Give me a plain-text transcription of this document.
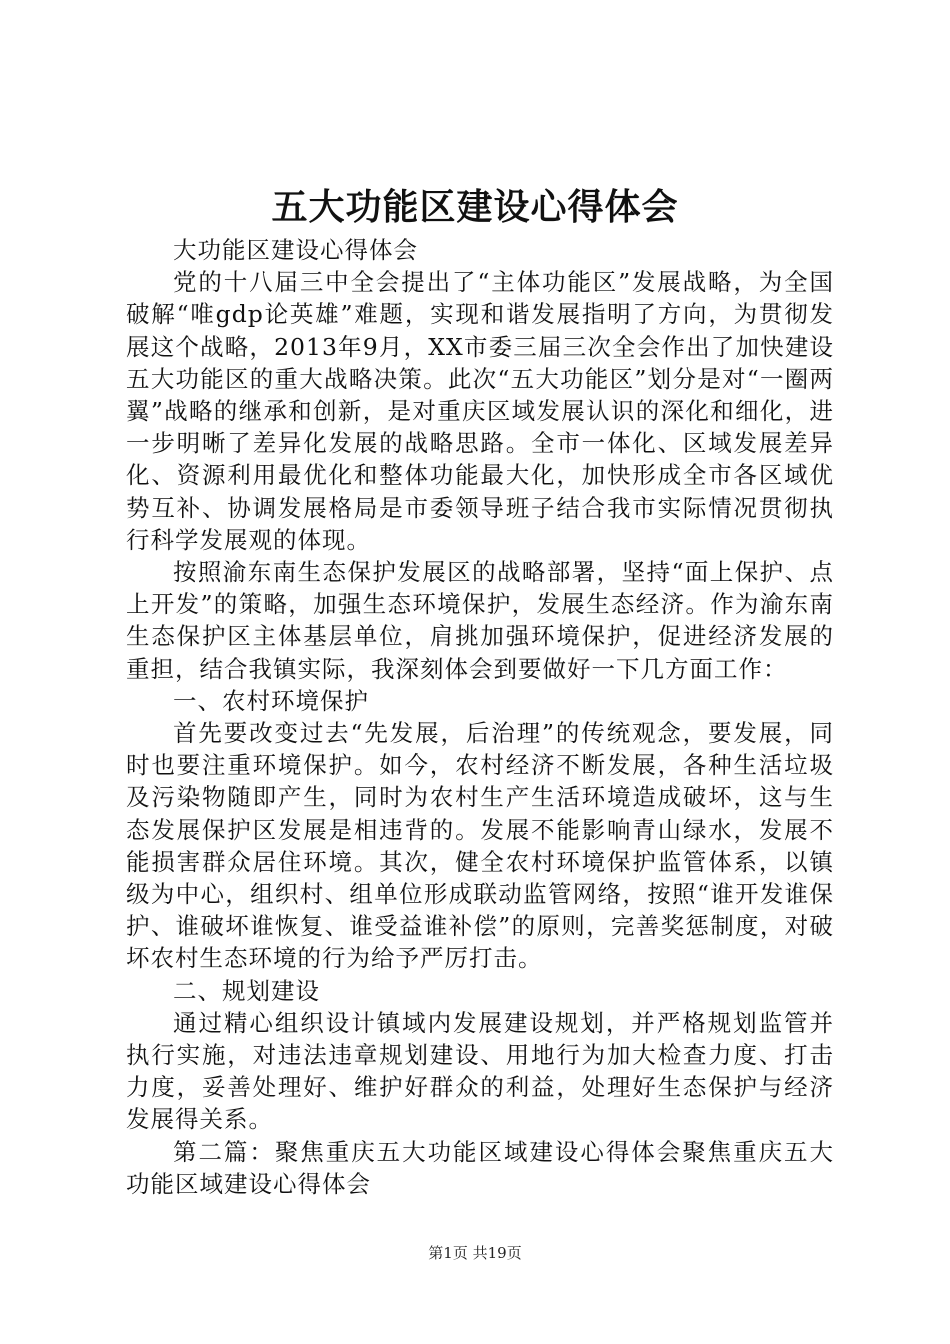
五大功能区建设心得体会

大功能区建设心得体会

党的十八届三中全会提出了“主体功能区”发展战略，为全国破解“唯gdp论英雄”难题，实现和谐发展指明了方向，为贯彻发展这个战略，2013年9月，XX市委三届三次全会作出了加快建设五大功能区的重大战略决策。此次“五大功能区”划分是对“一圈两翼”战略的继承和创新，是对重庆区域发展认识的深化和细化，进一步明晰了差异化发展的战略思路。全市一体化、区域发展差异化、资源利用最优化和整体功能最大化，加快形成全市各区域优势互补、协调发展格局是市委领导班子结合我市实际情况贯彻执行科学发展观的体现。

按照渝东南生态保护发展区的战略部署，坚持“面上保护、点上开发”的策略，加强生态环境保护，发展生态经济。作为渝东南生态保护区主体基层单位，肩挑加强环境保护，促进经济发展的重担，结合我镇实际，我深刻体会到要做好一下几方面工作：

一、农村环境保护

首先要改变过去“先发展，后治理”的传统观念，要发展，同时也要注重环境保护。如今，农村经济不断发展，各种生活垃圾及污染物随即产生，同时为农村生产生活环境造成破坏，这与生态发展保护区发展是相违背的。发展不能影响青山绿水，发展不能损害群众居住环境。其次，健全农村环境保护监管体系，以镇级为中心，组织村、组单位形成联动监管网络，按照“谁开发谁保护、谁破坏谁恢复、谁受益谁补偿”的原则，完善奖惩制度，对破坏农村生态环境的行为给予严厉打击。

二、规划建设

通过精心组织设计镇域内发展建设规划，并严格规划监管并执行实施，对违法违章规划建设、用地行为加大检查力度、打击力度，妥善处理好、维护好群众的利益，处理好生态保护与经济发展得关系。

第二篇：聚焦重庆五大功能区域建设心得体会聚焦重庆五大功能区域建设心得体会

第1页 共19页
